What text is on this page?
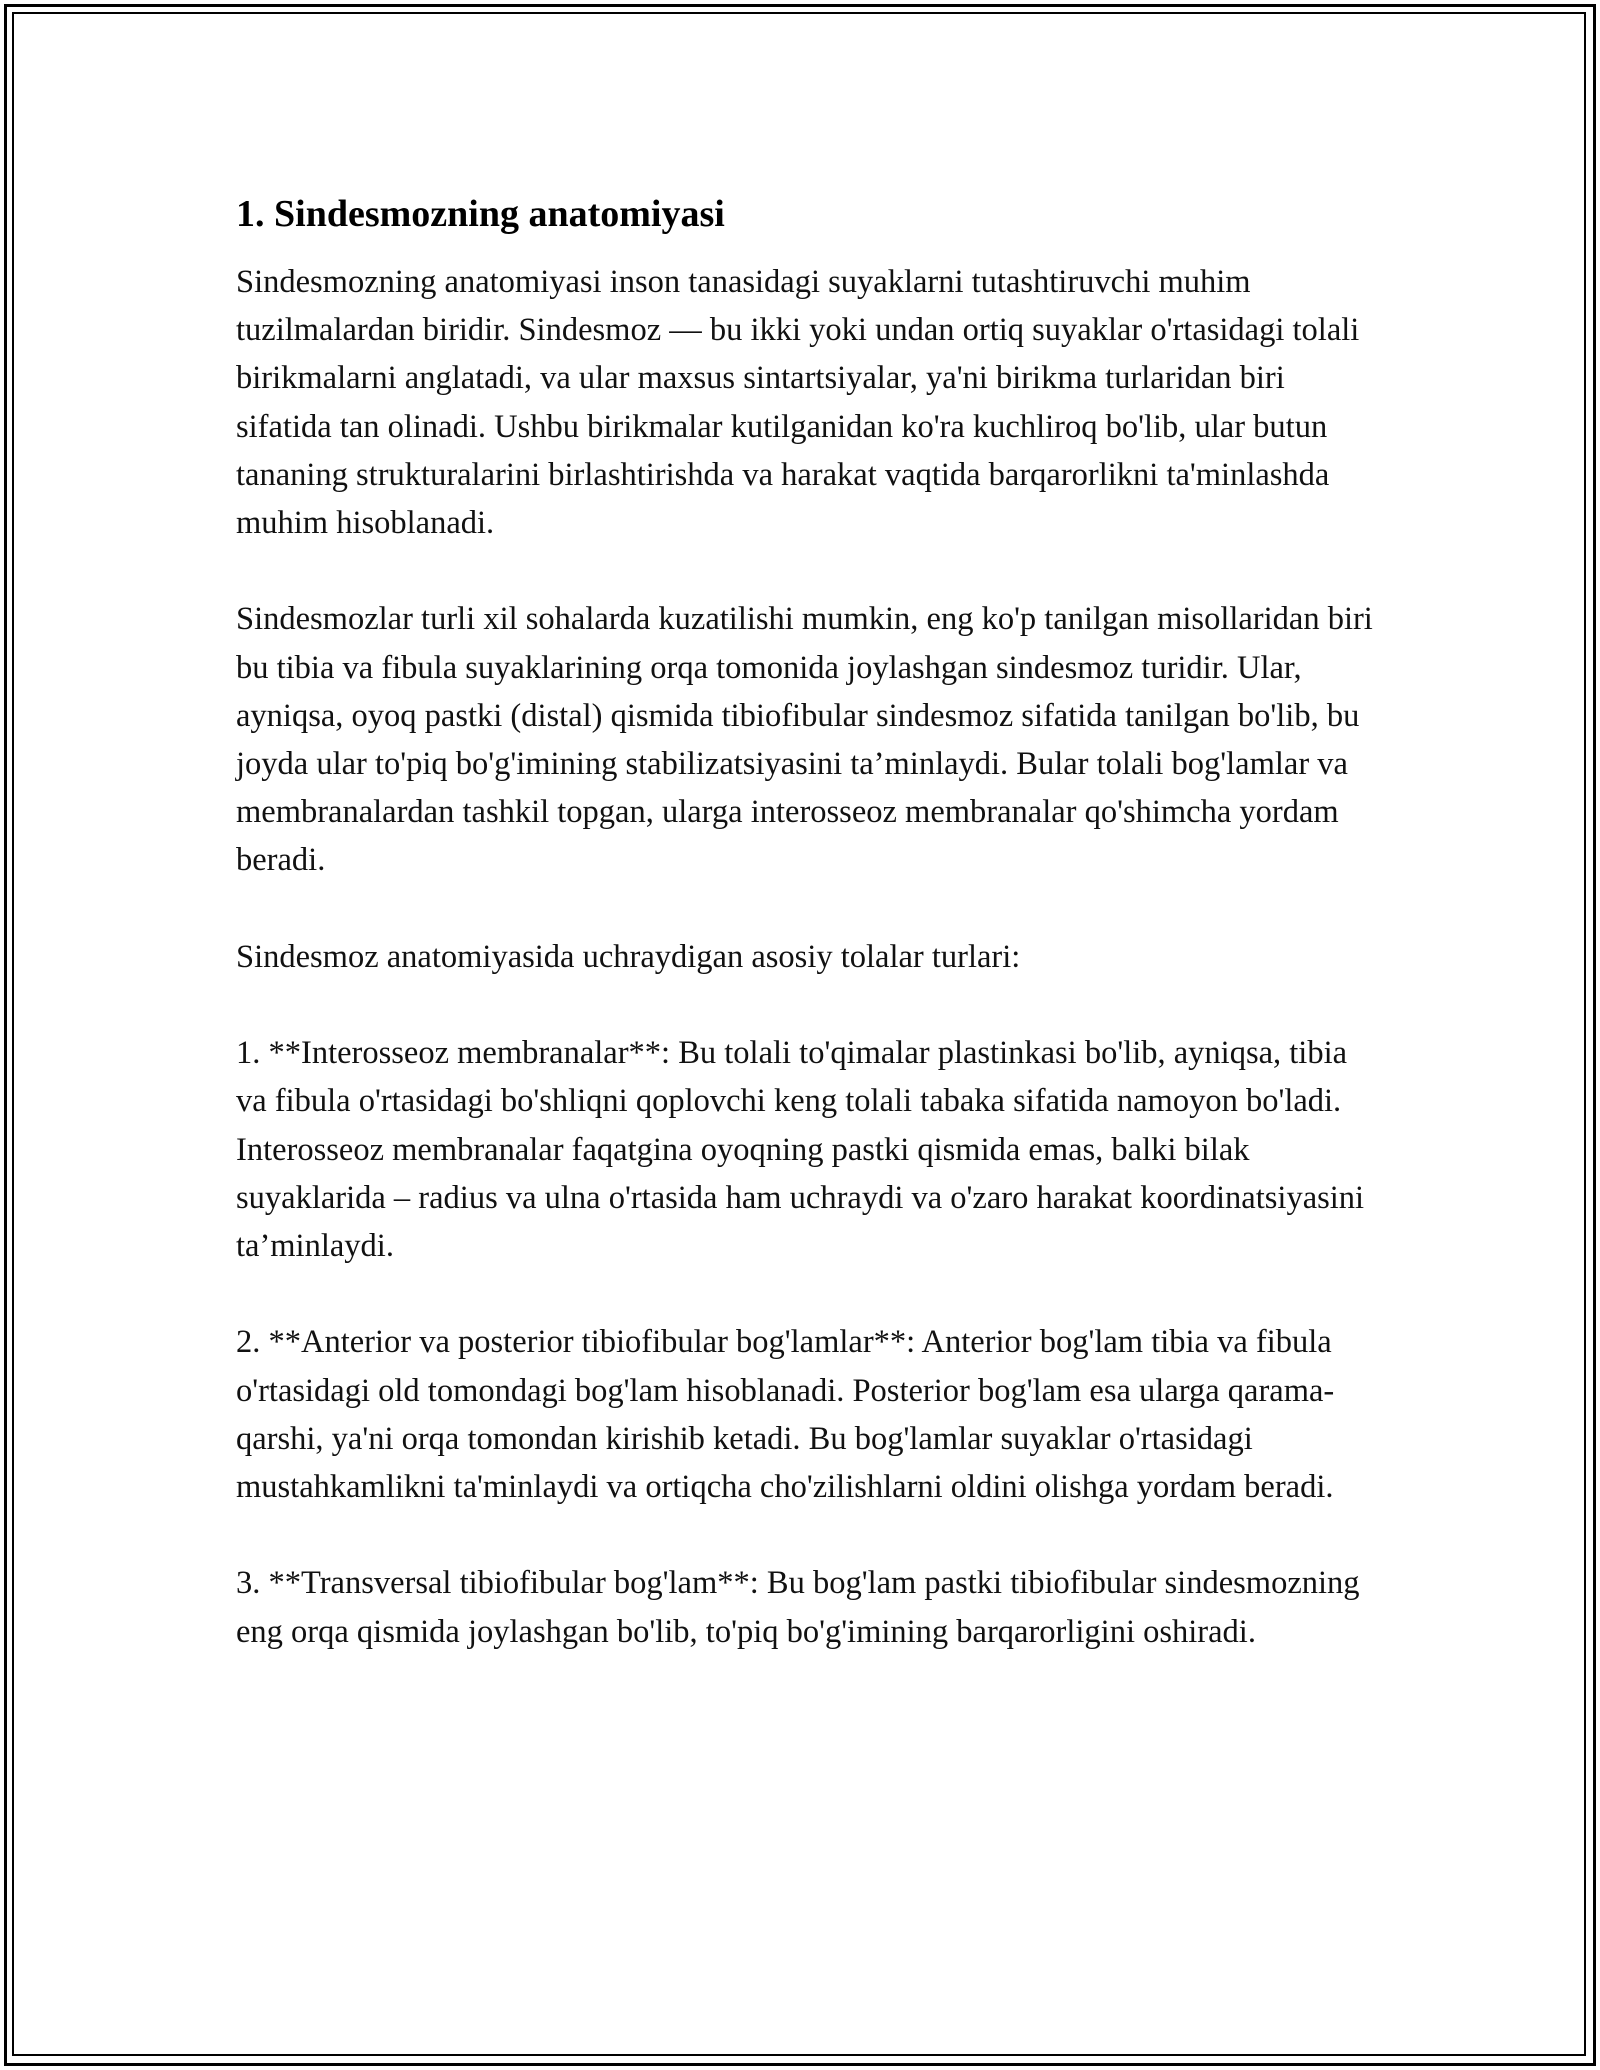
1. Sindesmozning anatomiyasi

Sindesmozning anatomiyasi inson tanasidagi suyaklarni tutashtiruvchi muhim tuzilmalardan biridir. Sindesmoz — bu ikki yoki undan ortiq suyaklar o'rtasidagi tolali birikmalarni anglatadi, va ular maxsus sintartsiyalar, ya'ni birikma turlaridan biri sifatida tan olinadi. Ushbu birikmalar kutilganidan ko'ra kuchliroq bo'lib, ular butun tananing strukturalarini birlashtirishda va harakat vaqtida barqarorlikni ta'minlashda muhim hisoblanadi.

Sindesmozlar turli xil sohalarda kuzatilishi mumkin, eng ko'p tanilgan misollaridan biri bu tibia va fibula suyaklarining orqa tomonida joylashgan sindesmoz turidir. Ular, ayniqsa, oyoq pastki (distal) qismida tibiofibular sindesmoz sifatida tanilgan bo'lib, bu joyda ular to'piq bo'g'imining stabilizatsiyasini ta’minlaydi. Bular tolali bog'lamlar va membranalardan tashkil topgan, ularga interosseoz membranalar qo'shimcha yordam beradi.

Sindesmoz anatomiyasida uchraydigan asosiy tolalar turlari:

1. **Interosseoz membranalar**: Bu tolali to'qimalar plastinkasi bo'lib, ayniqsa, tibia va fibula o'rtasidagi bo'shliqni qoplovchi keng tolali tabaka sifatida namoyon bo'ladi. Interosseoz membranalar faqatgina oyoqning pastki qismida emas, balki bilak suyaklarida – radius va ulna o'rtasida ham uchraydi va o'zaro harakat koordinatsiyasini ta’minlaydi.

2. **Anterior va posterior tibiofibular bog'lamlar**: Anterior bog'lam tibia va fibula o'rtasidagi old tomondagi bog'lam hisoblanadi. Posterior bog'lam esa ularga qarama-qarshi, ya'ni orqa tomondan kirishib ketadi. Bu bog'lamlar suyaklar o'rtasidagi mustahkamlikni ta'minlaydi va ortiqcha cho'zilishlarni oldini olishga yordam beradi.

3. **Transversal tibiofibular bog'lam**: Bu bog'lam pastki tibiofibular sindesmozning eng orqa qismida joylashgan bo'lib, to'piq bo'g'imining barqarorligini oshiradi.
